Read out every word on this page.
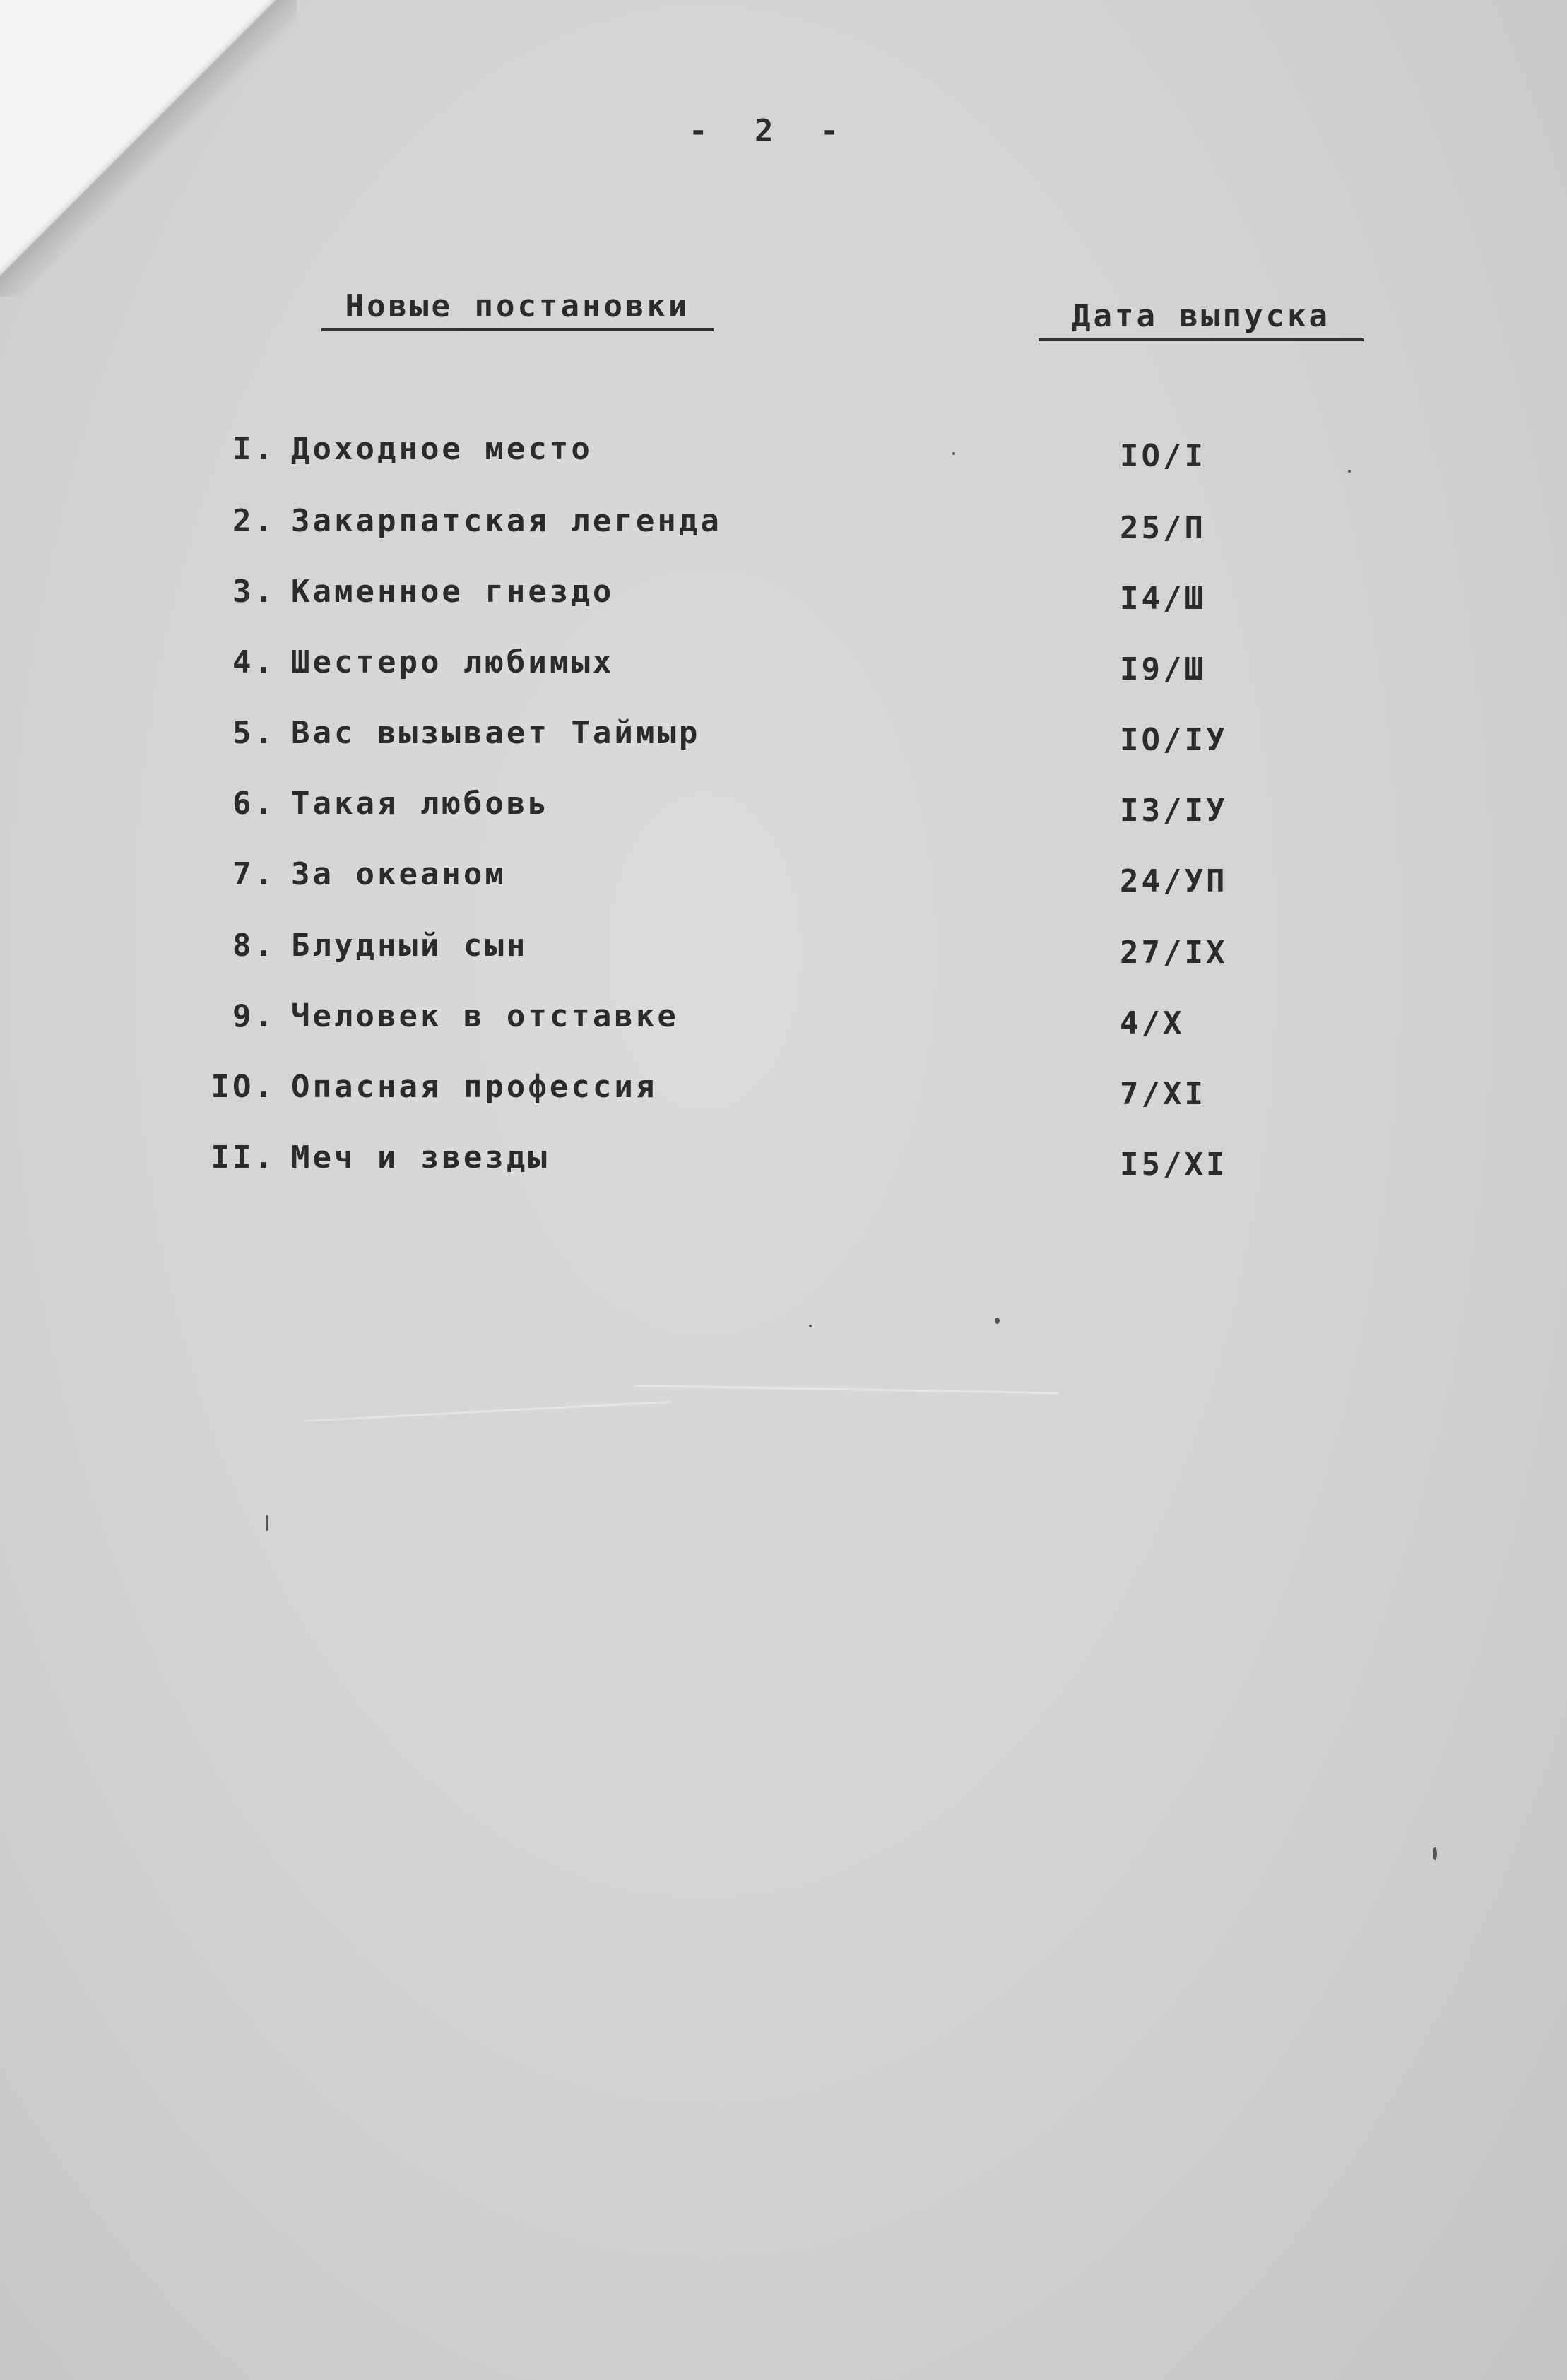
- 2 -
Новые постановки	Дата выпуска
I. Доходное место	IO/I
2. Закарпатская легенда	25/П
3. Каменное гнездо	I4/Ш
4. Шестеро любимых	I9/Ш
5. Вас вызывает Таймыр	IO/IУ
6. Такая любовь	I3/IУ
7. За океаном	24/УП
8. Блудный сын	27/IX
9. Человек в отставке	4/X
IO. Опасная профессия	7/XI
II. Меч и звезды	I5/XI
